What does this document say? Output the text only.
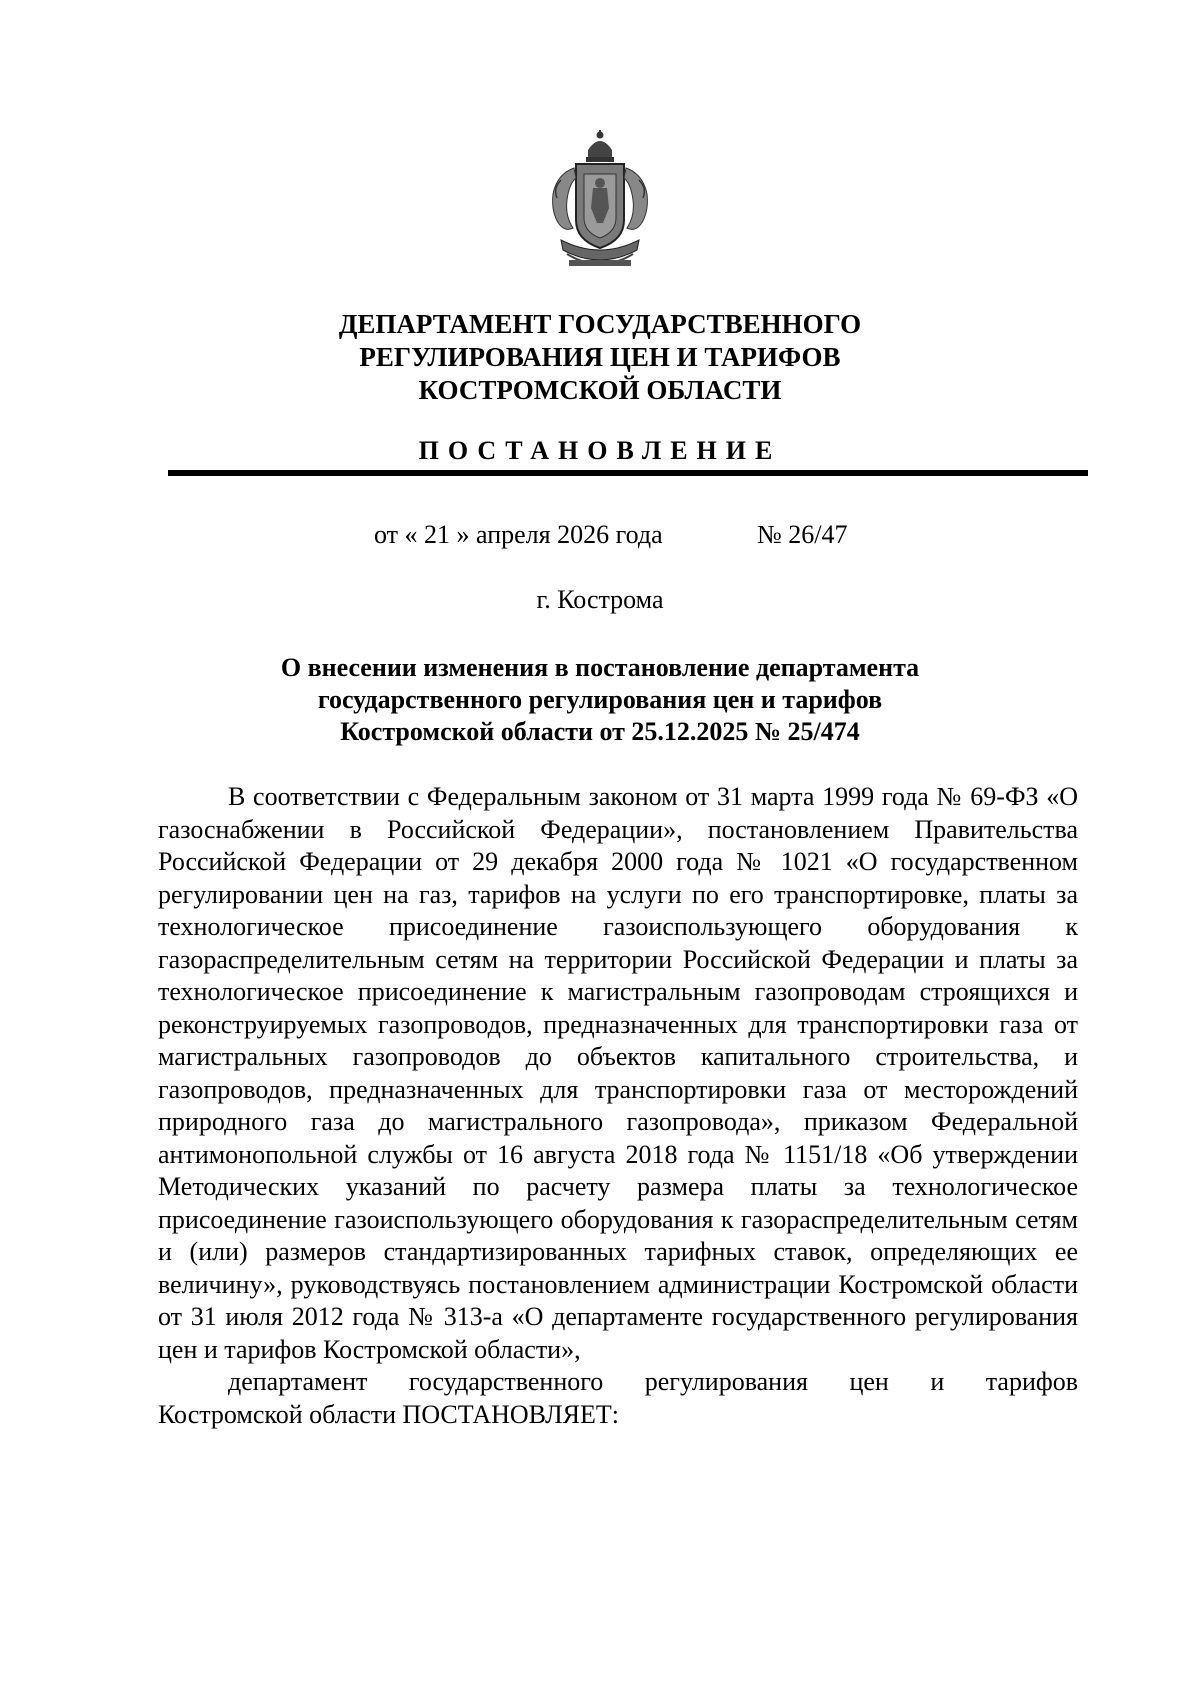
ДЕПАРТАМЕНТ ГОСУДАРСТВЕННОГО
РЕГУЛИРОВАНИЯ ЦЕН И ТАРИФОВ
КОСТРОМСКОЙ ОБЛАСТИ
ПОСТАНОВЛЕНИЕ
от « 21 » апреля 2026 года	№ 26/47
г. Кострома
О внесении изменения в постановление департамента
государственного регулирования цен и тарифов
Костромской области от 25.12.2025 № 25/474

В соответствии с Федеральным законом от 31 марта 1999 года № 69-ФЗ «О газоснабжении в Российской Федерации», постановлением Правительства Российской Федерации от 29 декабря 2000 года № 1021 «О государственном регулировании цен на газ, тарифов на услуги по его транспортировке, платы за технологическое присоединение газоиспользующего оборудования к газораспределительным сетям на территории Российской Федерации и платы за технологическое присоединение к магистральным газопроводам строящихся и реконструируемых газопроводов, предназначенных для транспортировки газа от магистральных газопроводов до объектов капитального строительства, и газопроводов, предназначенных для транспортировки газа от месторождений природного газа до магистрального газопровода», приказом Федеральной антимонопольной службы от 16 августа 2018 года № 1151/18 «Об утверждении Методических указаний по расчету размера платы за технологическое присоединение газоиспользующего оборудования к газораспределительным сетям и (или) размеров стандартизированных тарифных ставок, определяющих ее величину», руководствуясь постановлением администрации Костромской области от 31 июля 2012 года № 313-а «О департаменте государственного регулирования цен и тарифов Костромской области»,

департамент государственного регулирования цен и тарифов
Костромской области ПОСТАНОВЛЯЕТ:
